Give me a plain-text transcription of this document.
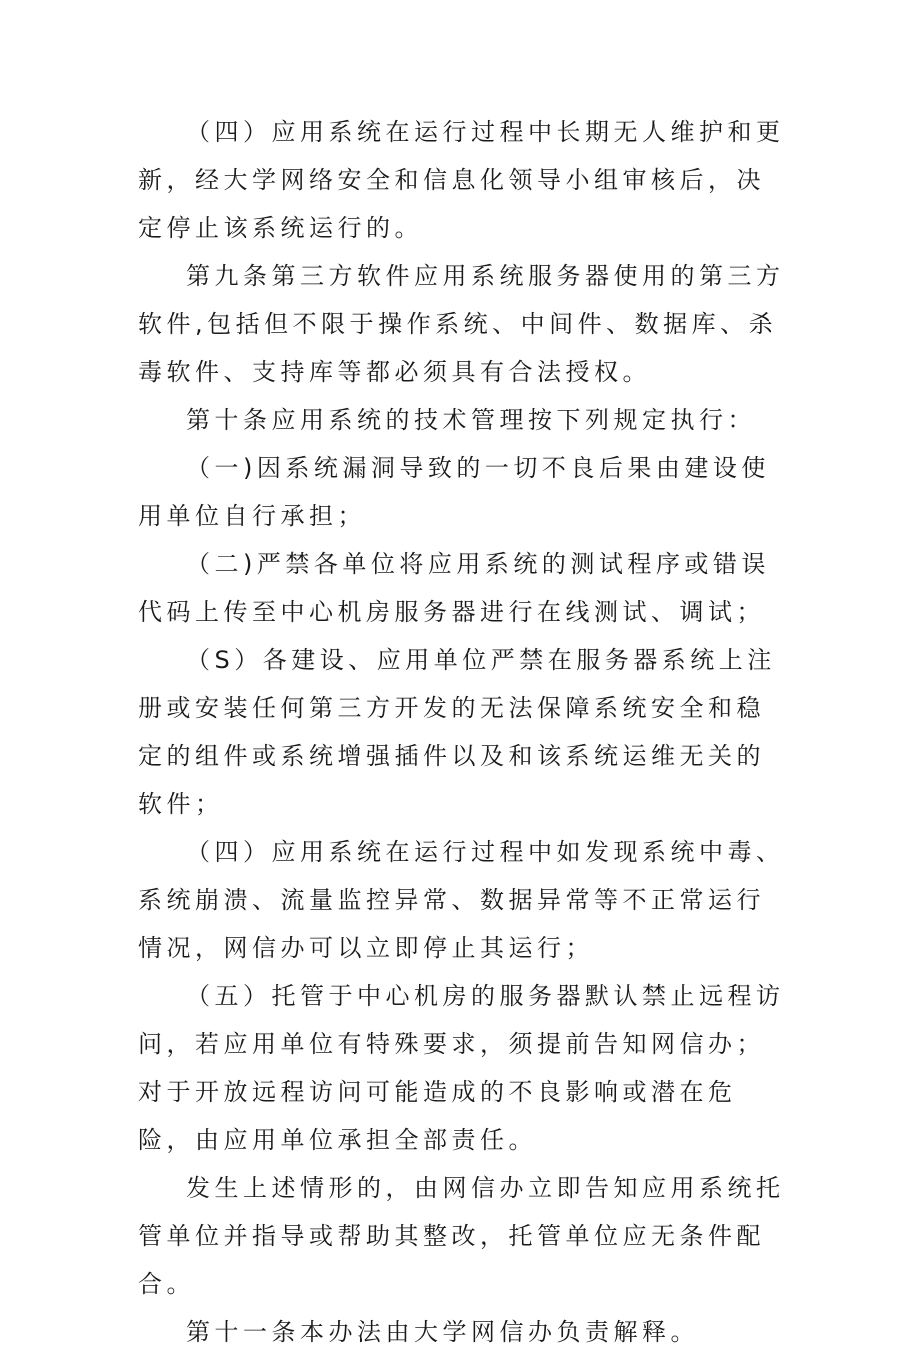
（四）应用系统在运行过程中长期无人维护和更新，经大学网络安全和信息化领导小组审核后，决定停止该系统运行的。

第九条第三方软件应用系统服务器使用的第三方软件,包括但不限于操作系统、中间件、数据库、杀毒软件、支持库等都必须具有合法授权。

第十条应用系统的技术管理按下列规定执行：

（一)因系统漏洞导致的一切不良后果由建设使用单位自行承担；

（二)严禁各单位将应用系统的测试程序或错误代码上传至中心机房服务器进行在线测试、调试；

（S）各建设、应用单位严禁在服务器系统上注册或安装任何第三方开发的无法保障系统安全和稳定的组件或系统增强插件以及和该系统运维无关的软件；

（四）应用系统在运行过程中如发现系统中毒、系统崩溃、流量监控异常、数据异常等不正常运行情况，网信办可以立即停止其运行；

（五）托管于中心机房的服务器默认禁止远程访问，若应用单位有特殊要求，须提前告知网信办；对于开放远程访问可能造成的不良影响或潜在危险，由应用单位承担全部责任。

发生上述情形的，由网信办立即告知应用系统托管单位并指导或帮助其整改，托管单位应无条件配合。

第十一条本办法由大学网信办负责解释。
